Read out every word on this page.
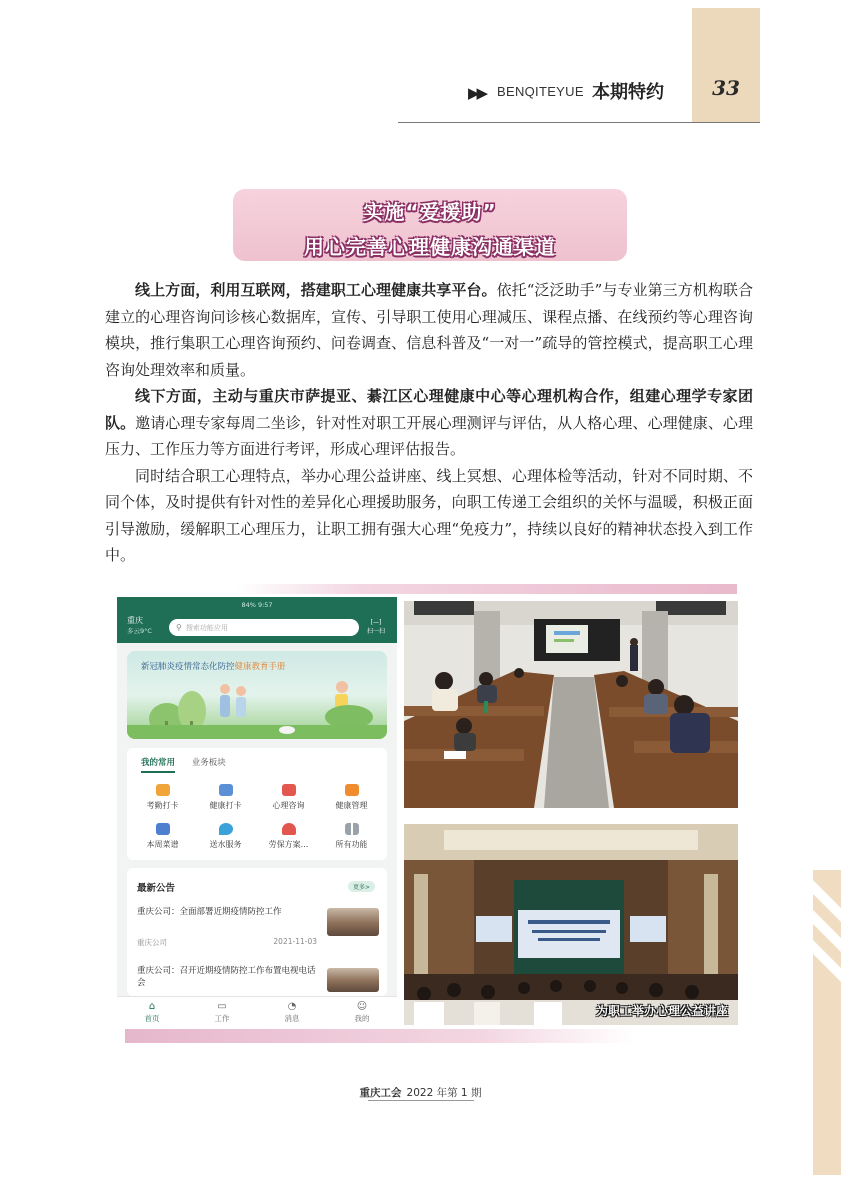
33
▶▶ BENQITEYUE 本期特约
实施“爱援助”
用心完善心理健康沟通渠道

线上方面，利用互联网，搭建职工心理健康共享平台。依托“泛泛助手”与专业第三方机构联合建立的心理咨询问诊核心数据库，宣传、引导职工使用心理减压、课程点播、在线预约等心理咨询模块，推行集职工心理咨询预约、问卷调查、信息科普及“一对一”疏导的管控模式，提高职工心理咨询处理效率和质量。

线下方面，主动与重庆市萨提亚、綦江区心理健康中心等心理机构合作，组建心理学专家团队。邀请心理专家每周二坐诊，针对性对职工开展心理测评与评估，从人格心理、心理健康、心理压力、工作压力等方面进行考评，形成心理评估报告。

同时结合职工心理特点，举办心理公益讲座、线上冥想、心理体检等活动，针对不同时期、不同个体，及时提供有针对性的差异化心理援助服务，向职工传递工会组织的关怀与温暖，积极正面引导激励，缓解职工心理压力，让职工拥有强大心理“免疫力”，持续以良好的精神状态投入到工作中。

84% 9:57
重庆
多云9°C	⚲ 搜索功能应用
[—]
扫一扫
新冠肺炎疫情常态化防控健康教育手册
我的常用 业务板块
考勤打卡	健康打卡	心理咨询	健康管理
本周菜谱	送水服务	劳保方案...	所有功能
最新公告	更多>
重庆公司：全面部署近期疫情防控工作
重庆公司	2021-11-03
重庆公司：召开近期疫情防控工作布置电视电话会
⌂
首页
▭
工作
◔
消息
☺
我的
为职工举办心理公益讲座
重庆工会 2022 年第 1 期
